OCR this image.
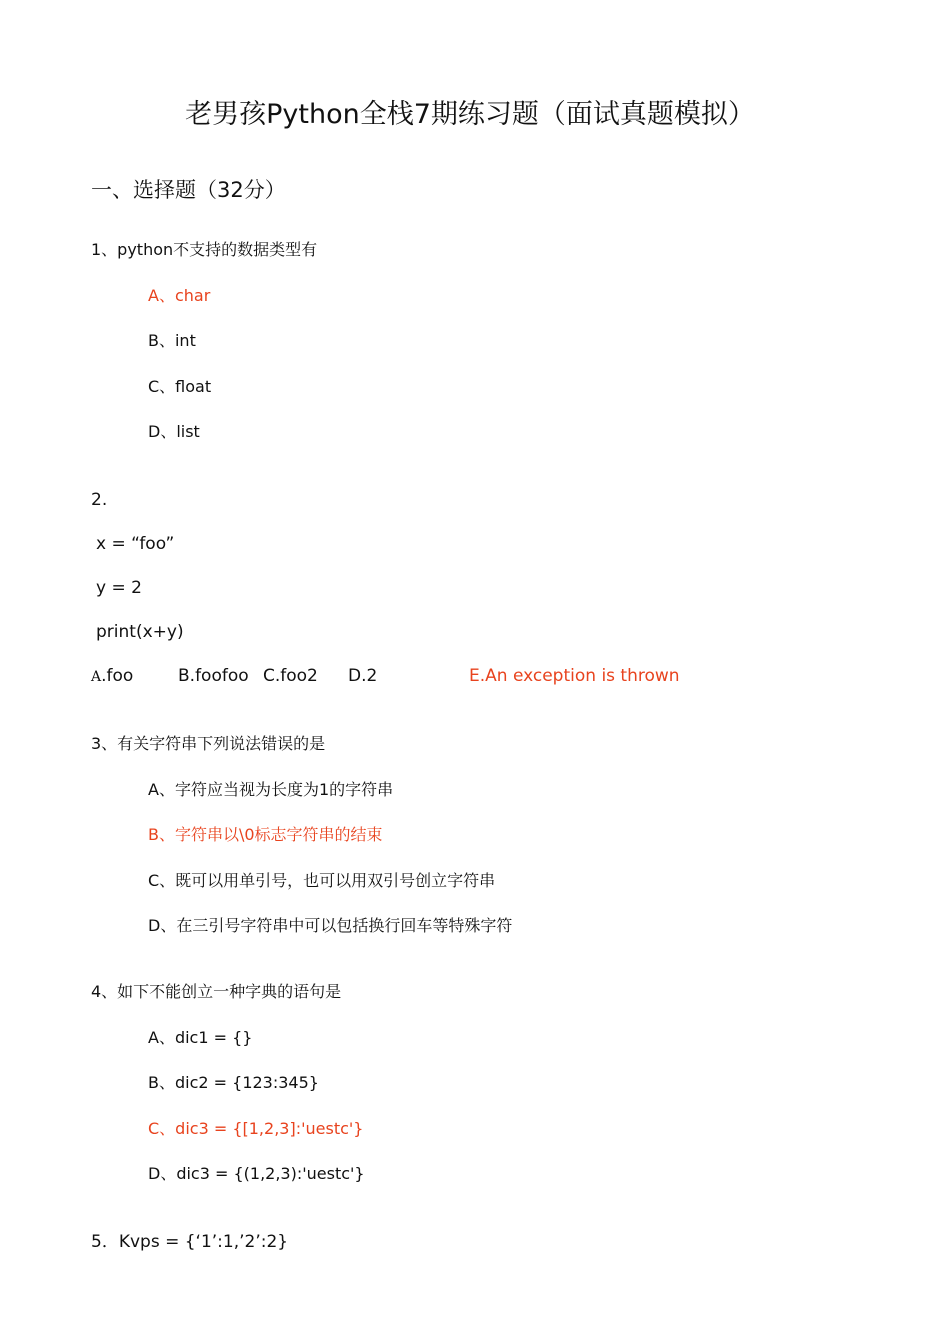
老男孩Python全栈7期练习题（面试真题模拟）
一、选择题（32分）
1、python不支持的数据类型有
A、char
B、int
C、float
D、list
2.
x = “foo”
y = 2
print(x+y)
A.foo	B.foofoo C.foo2 D.2	E.An exception is thrown
3、有关字符串下列说法错误的是
A、字符应当视为长度为1的字符串
B、字符串以\0标志字符串的结束
C、既可以用单引号，也可以用双引号创立字符串
D、在三引号字符串中可以包括换行回车等特殊字符
4、如下不能创立一种字典的语句是
A、dic1 = {}
B、dic2 = {123:345}
C、dic3 = {[1,2,3]:'uestc'}
D、dic3 = {(1,2,3):'uestc'}
5．Kvps = {‘1’:1,’2’:2}
